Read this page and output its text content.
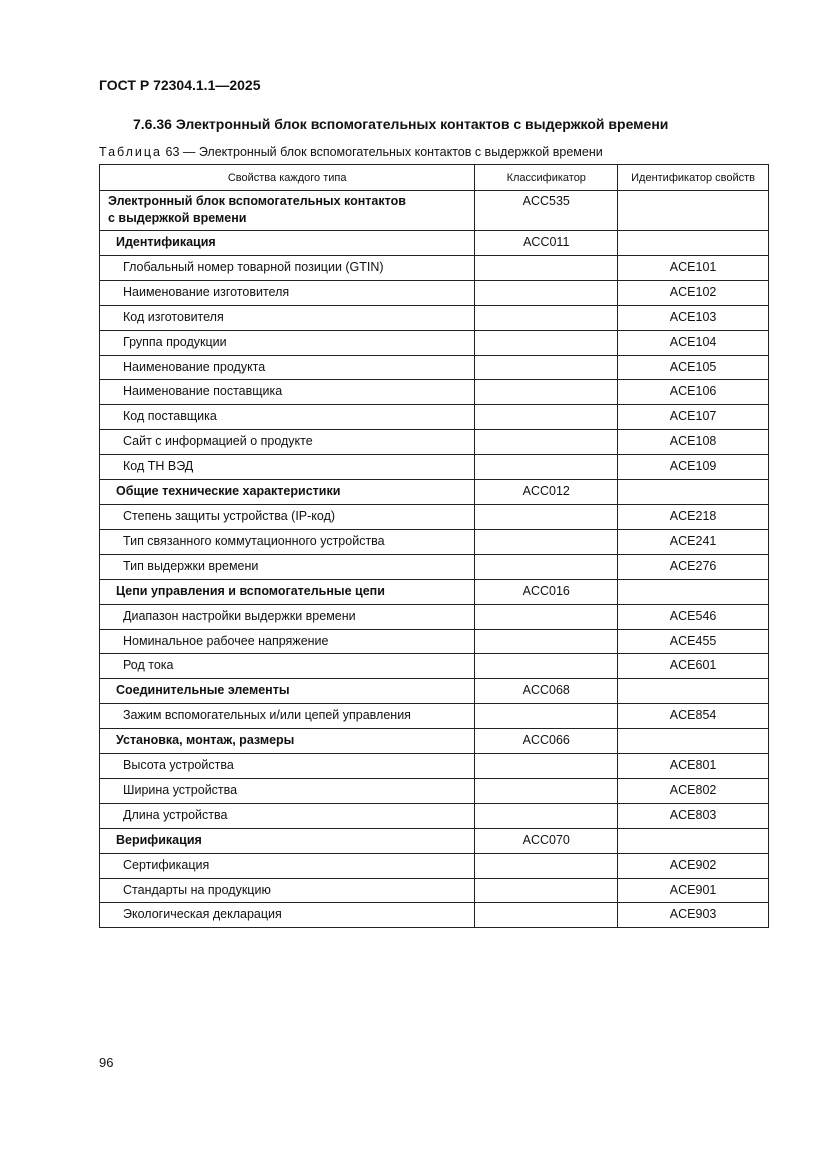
ГОСТ Р 72304.1.1—2025
7.6.36 Электронный блок вспомогательных контактов с выдержкой времени
Таблица 63 — Электронный блок вспомогательных контактов с выдержкой времени
Свойства каждого типа	Классификатор	Идентификатор свойств
Электронный блок вспомогательных контактов
с выдержкой времени	ACC535	
Идентификация	ACC011	
Глобальный номер товарной позиции (GTIN)		ACE101
Наименование изготовителя		ACE102
Код изготовителя		ACE103
Группа продукции		ACE104
Наименование продукта		ACE105
Наименование поставщика		ACE106
Код поставщика		ACE107
Сайт с информацией о продукте		ACE108
Код ТН ВЭД		ACE109
Общие технические характеристики	ACC012	
Степень защиты устройства (IP-код)		ACE218
Тип связанного коммутационного устройства		ACE241
Тип выдержки времени		ACE276
Цепи управления и вспомогательные цепи	ACC016	
Диапазон настройки выдержки времени		ACE546
Номинальное рабочее напряжение		ACE455
Род тока		ACE601
Соединительные элементы	ACC068	
Зажим вспомогательных и/или цепей управления		ACE854
Установка, монтаж, размеры	ACC066	
Высота устройства		ACE801
Ширина устройства		ACE802
Длина устройства		ACE803
Верификация	ACC070	
Сертификация		ACE902
Стандарты на продукцию		ACE901
Экологическая декларация		ACE903
96
